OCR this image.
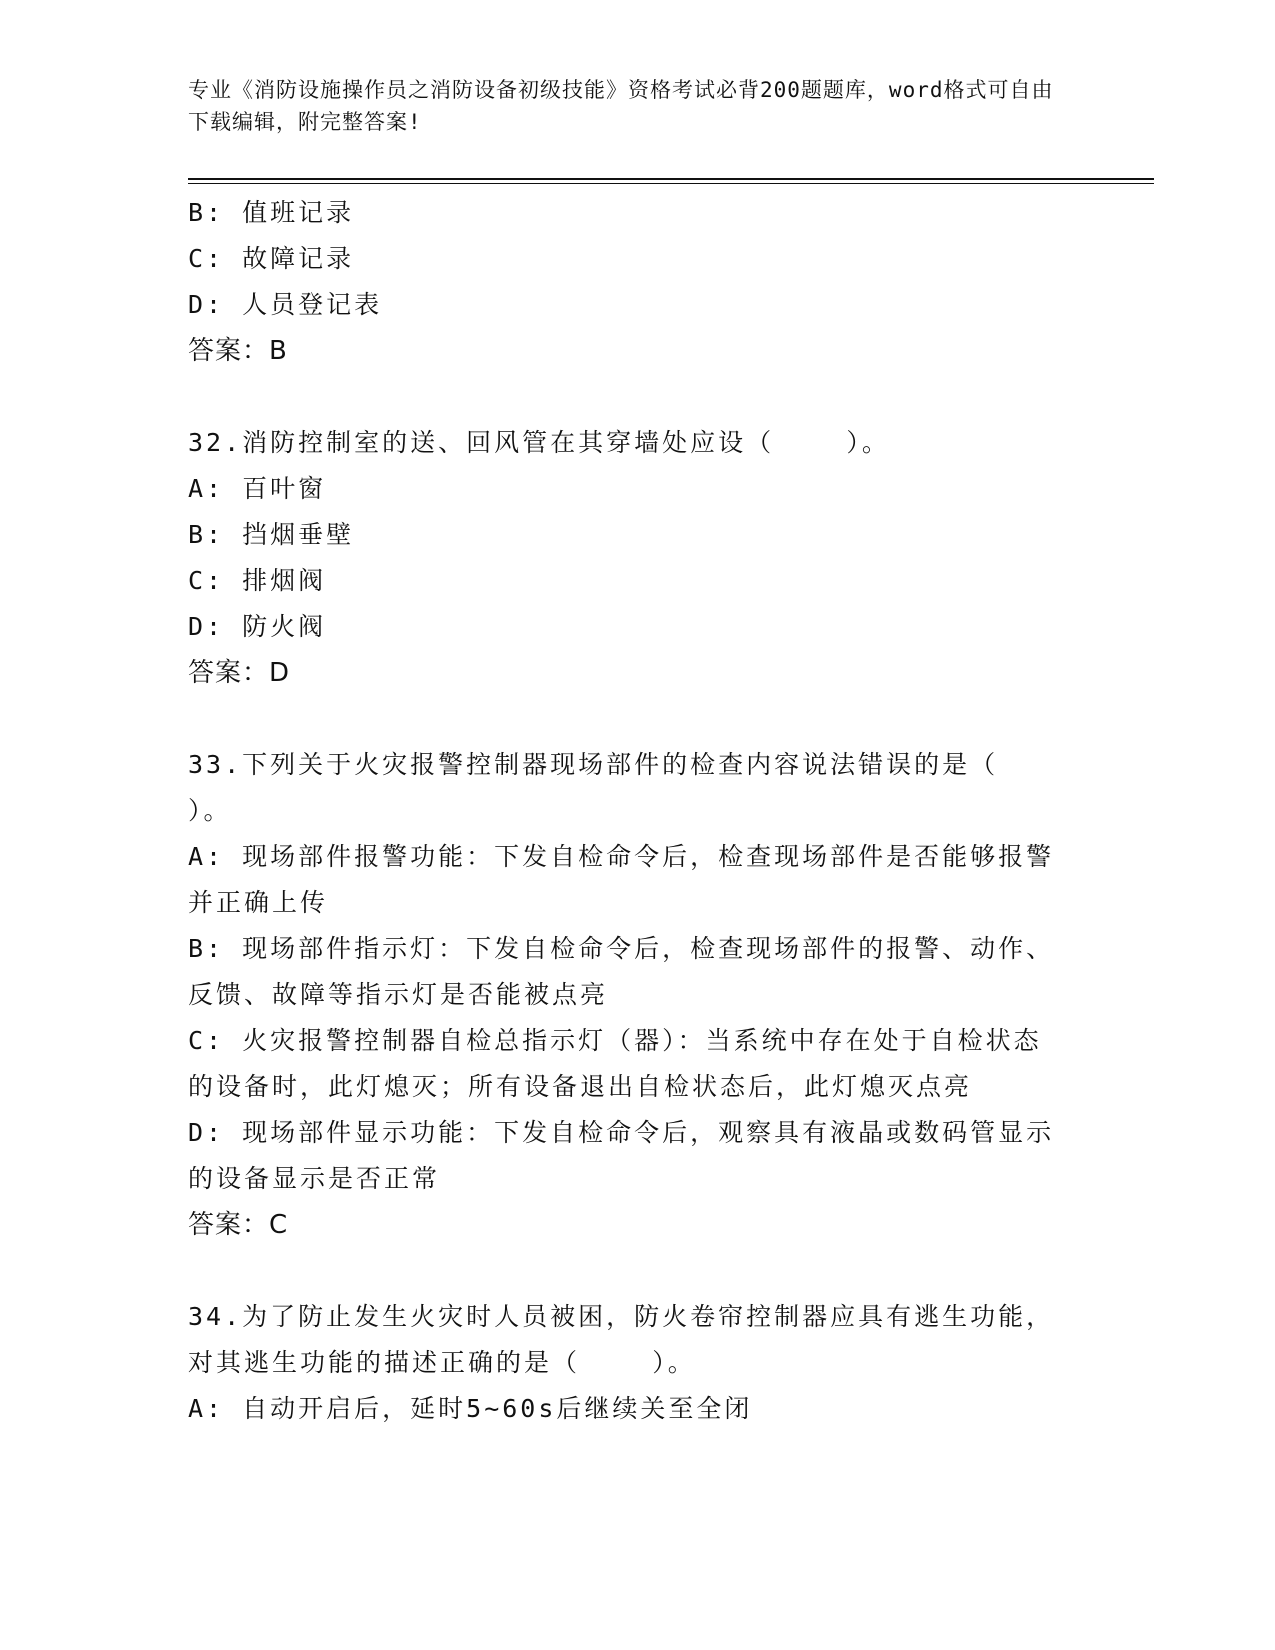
专业《消防设施操作员之消防设备初级技能》资格考试必背200题题库，word格式可自由下载编辑，附完整答案!
B: 值班记录
C: 故障记录
D: 人员登记表
答案：B
32.消防控制室的送、回风管在其穿墙处应设（    ）。
A: 百叶窗
B: 挡烟垂壁
C: 排烟阀
D: 防火阀
答案：D
33.下列关于火灾报警控制器现场部件的检查内容说法错误的是（    ）。
A: 现场部件报警功能：下发自检命令后，检查现场部件是否能够报警并正确上传
B: 现场部件指示灯：下发自检命令后，检查现场部件的报警、动作、反馈、故障等指示灯是否能被点亮
C: 火灾报警控制器自检总指示灯（器）：当系统中存在处于自检状态的设备时，此灯熄灭；所有设备退出自检状态后，此灯熄灭点亮
D: 现场部件显示功能：下发自检命令后，观察具有液晶或数码管显示的设备显示是否正常
答案：C
34.为了防止发生火灾时人员被困，防火卷帘控制器应具有逃生功能，对其逃生功能的描述正确的是（    ）。
A: 自动开启后，延时5~60s后继续关至全闭
